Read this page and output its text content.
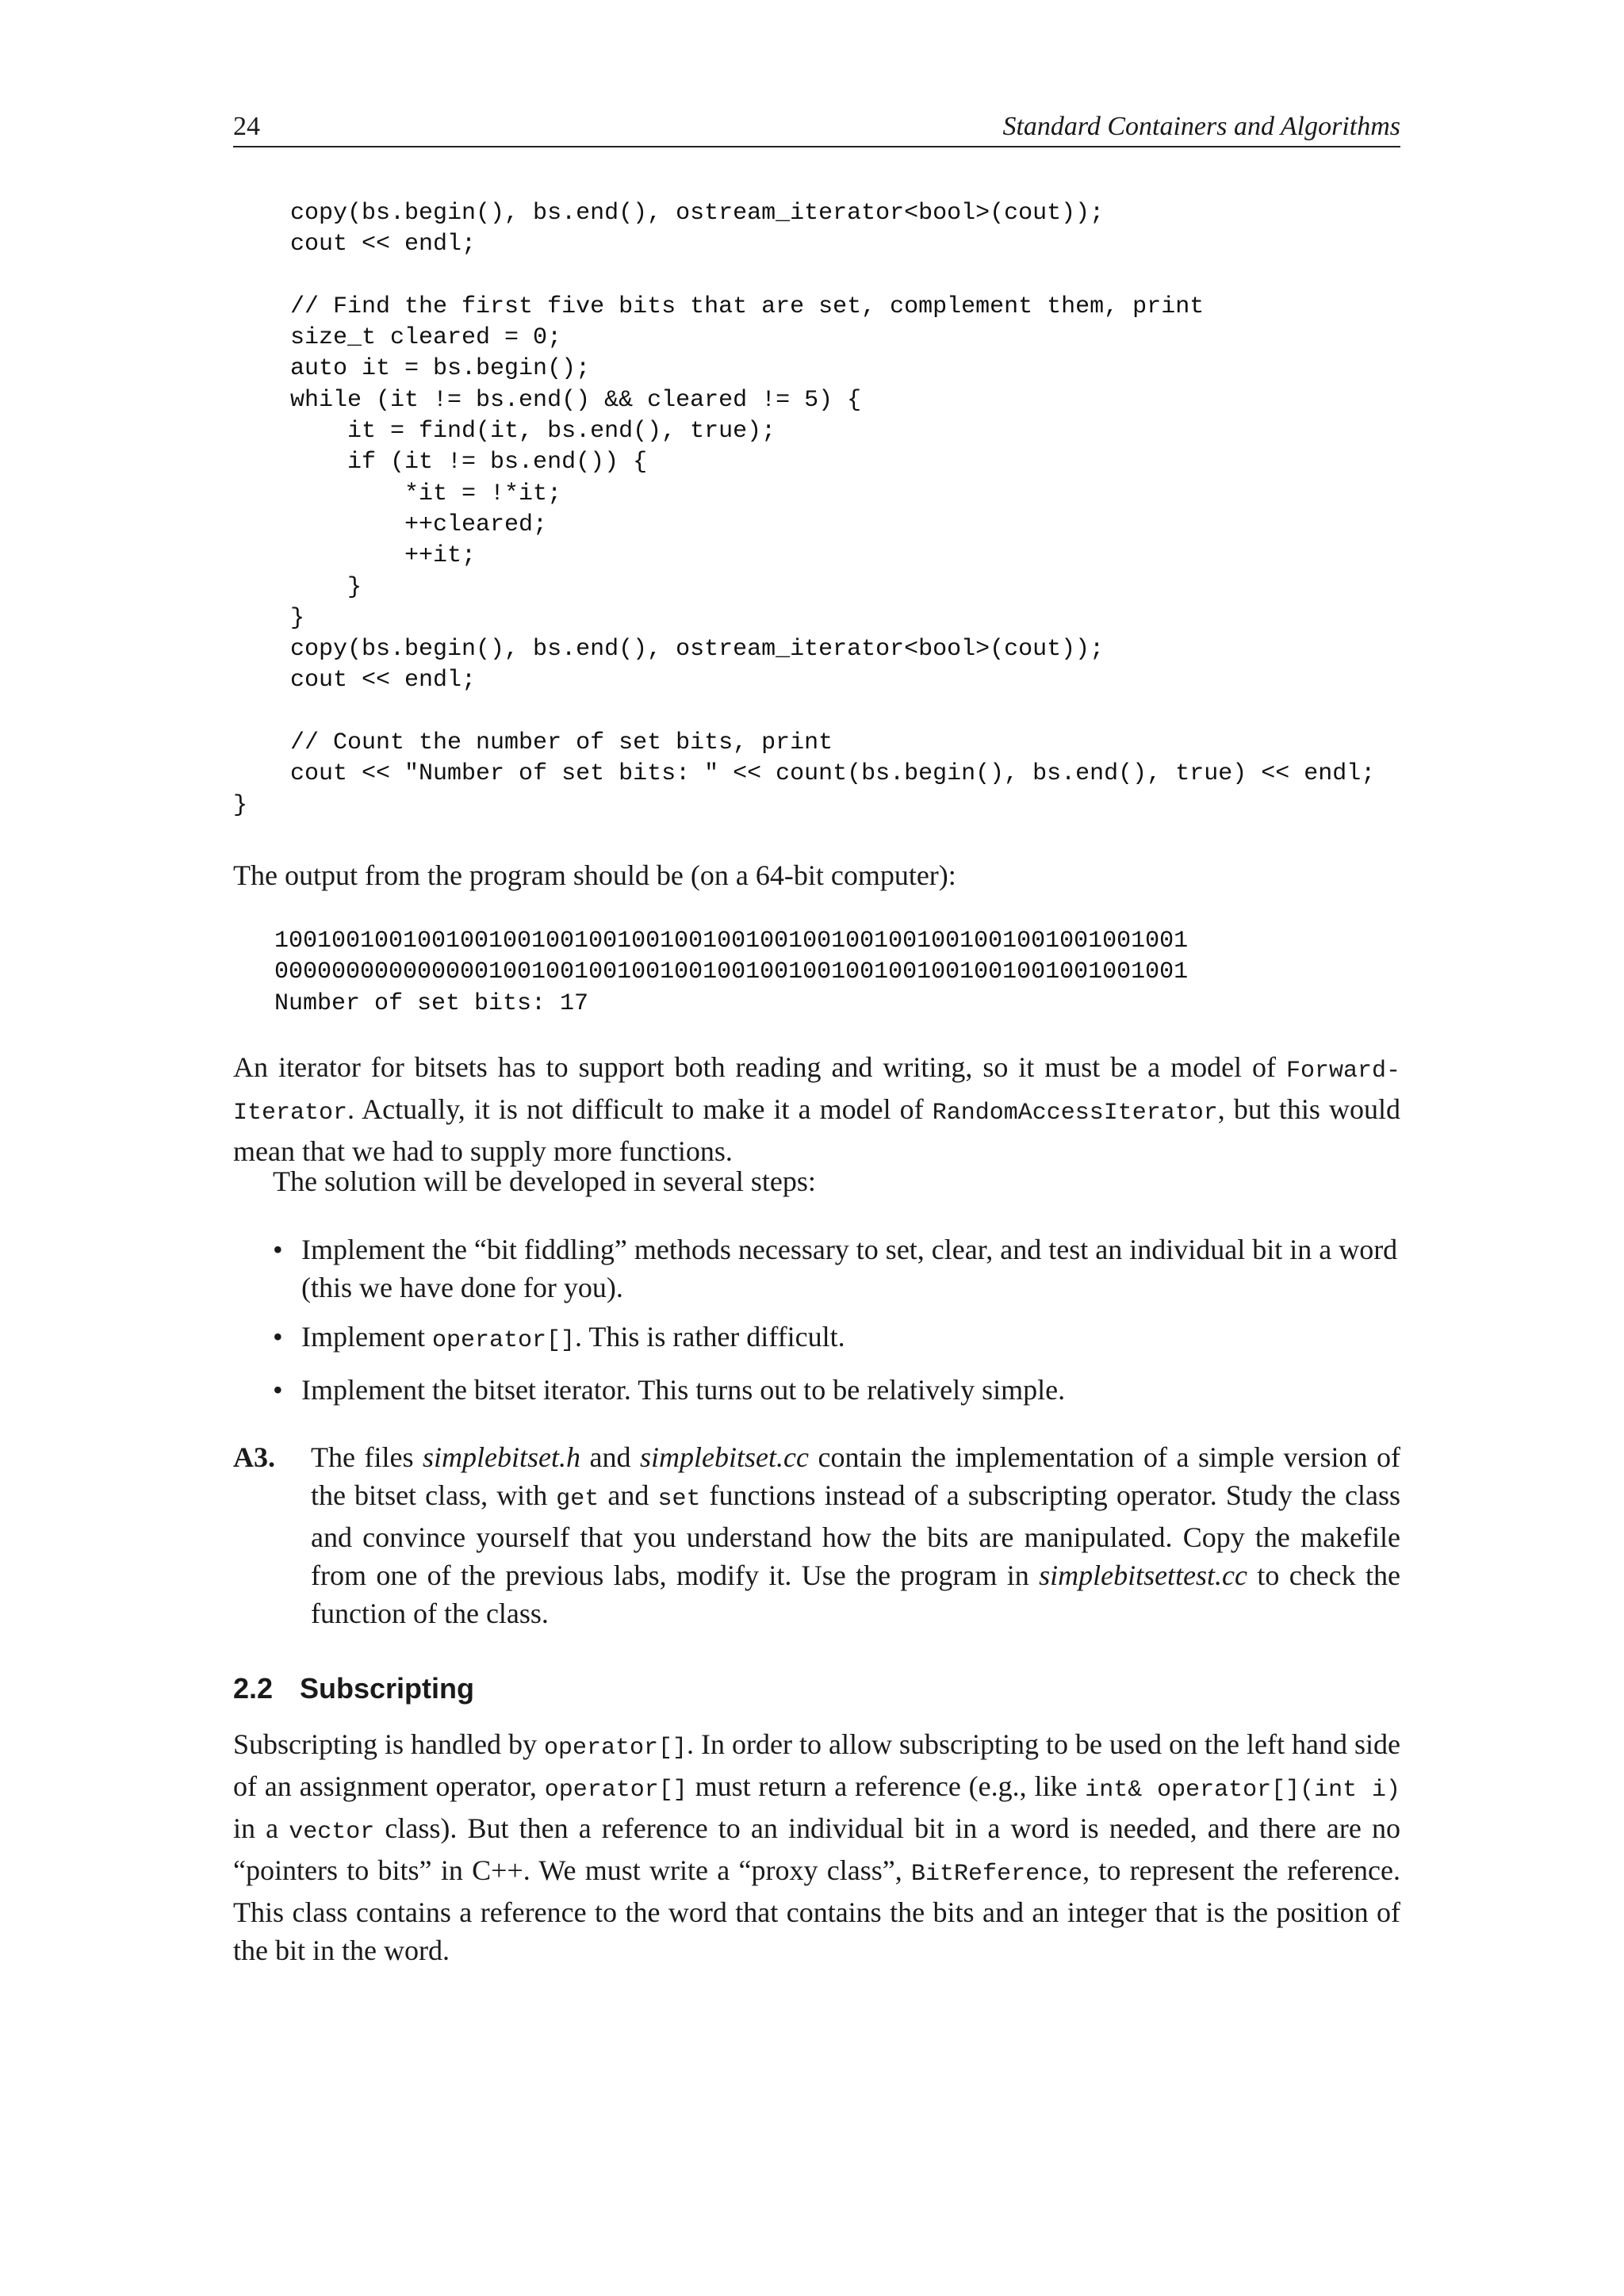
24	Standard Containers and Algorithms
copy(bs.begin(), bs.end(), ostream_iterator<bool>(cout));
cout << endl;

// Find the first five bits that are set, complement them, print
size_t cleared = 0;
auto it = bs.begin();
while (it != bs.end() && cleared != 5) {
it = find(it, bs.end(), true);
if (it != bs.end()) {
*it = !*it;
++cleared;
++it;
}
}
copy(bs.begin(), bs.end(), ostream_iterator<bool>(cout));
cout << endl;

// Count the number of set bits, print
cout << "Number of set bits: " << count(bs.begin(), bs.end(), true) << endl;
}

The output from the program should be (on a 64-bit computer):

1001001001001001001001001001001001001001001001001001001001001001
0000000000000001001001001001001001001001001001001001001001001001
Number of set bits: 17

An iterator for bitsets has to support both reading and writing, so it must be a model of Forward-Iterator. Actually, it is not difficult to make it a model of RandomAccessIterator, but this would mean that we had to supply more functions.

The solution will be developed in several steps:

• Implement the “bit fiddling” methods necessary to set, clear, and test an individual bit in a word (this we have done for you).
• Implement operator[]. This is rather difficult.
• Implement the bitset iterator. This turns out to be relatively simple.
A3. The files simplebitset.h and simplebitset.cc contain the implementation of a simple version of the bitset class, with get and set functions instead of a subscripting operator. Study the class and convince yourself that you understand how the bits are manipulated. Copy the makefile from one of the previous labs, modify it. Use the program in simplebitsettest.cc to check the function of the class.

2.2 Subscripting

Subscripting is handled by operator[]. In order to allow subscripting to be used on the left hand side of an assignment operator, operator[] must return a reference (e.g., like int& operator[](int i) in a vector class). But then a reference to an individual bit in a word is needed, and there are no “pointers to bits” in C++. We must write a “proxy class”, BitReference, to represent the reference. This class contains a reference to the word that contains the bits and an integer that is the position of the bit in the word.
